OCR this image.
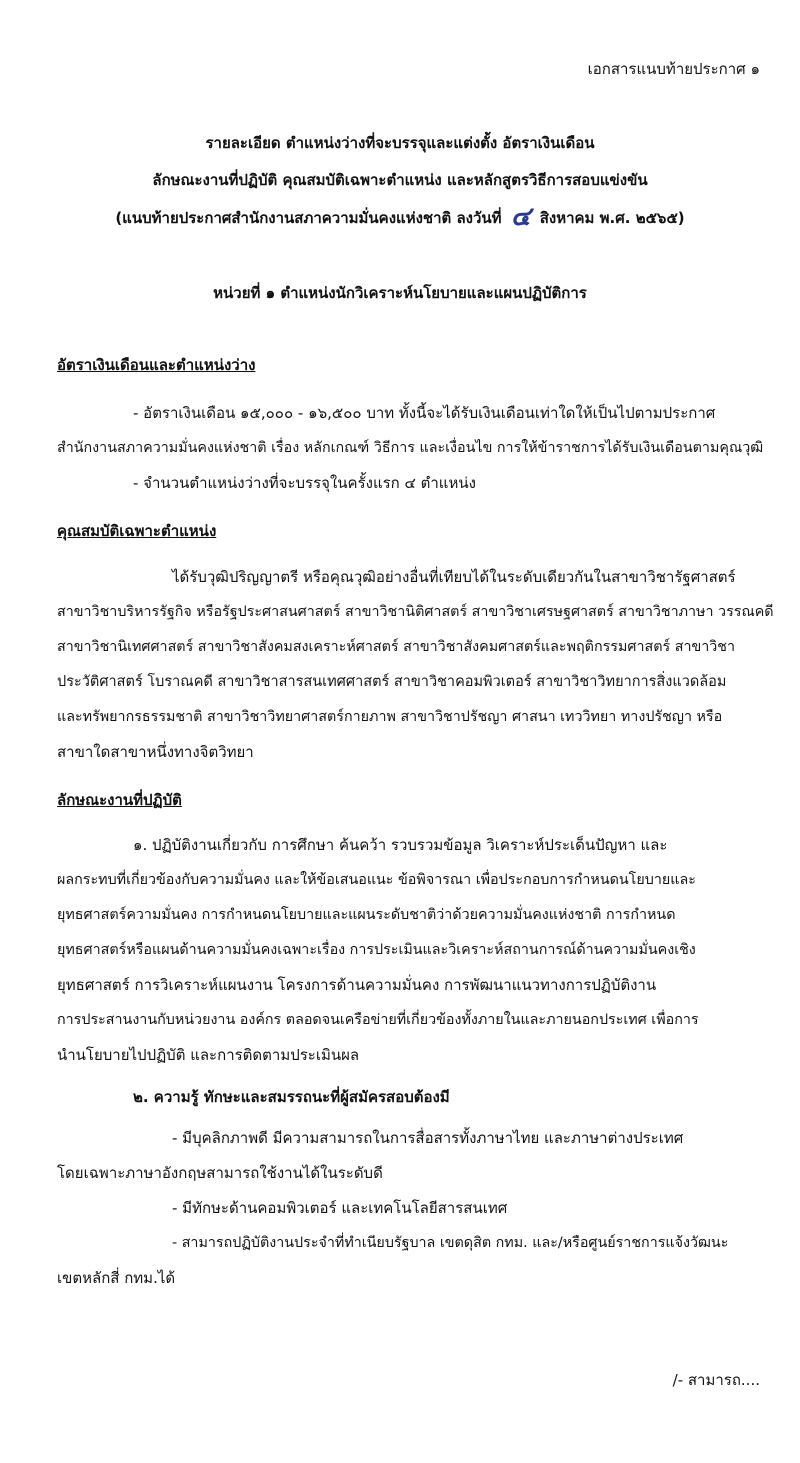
เอกสารแนบท้ายประกาศ ๑
รายละเอียด ตำแหน่งว่างที่จะบรรจุและแต่งตั้ง อัตราเงินเดือน
ลักษณะงานที่ปฏิบัติ คุณสมบัติเฉพาะตำแหน่ง และหลักสูตรวิธีการสอบแข่งขัน
(แนบท้ายประกาศสำนักงานสภาความมั่นคงแห่งชาติ ลงวันที่ ๔ สิงหาคม พ.ศ. ๒๕๖๕)
หน่วยที่ ๑ ตำแหน่งนักวิเคราะห์นโยบายและแผนปฏิบัติการ
อัตราเงินเดือนและตำแหน่งว่าง
- อัตราเงินเดือน ๑๕,๐๐๐ - ๑๖,๕๐๐ บาท ทั้งนี้จะได้รับเงินเดือนเท่าใดให้เป็นไปตามประกาศ
สำนักงานสภาความมั่นคงแห่งชาติ เรื่อง หลักเกณฑ์ วิธีการ และเงื่อนไข การให้ข้าราชการได้รับเงินเดือนตามคุณวุฒิ
- จำนวนตำแหน่งว่างที่จะบรรจุในครั้งแรก ๔ ตำแหน่ง
คุณสมบัติเฉพาะตำแหน่ง
ได้รับวุฒิปริญญาตรี หรือคุณวุฒิอย่างอื่นที่เทียบได้ในระดับเดียวกันในสาขาวิชารัฐศาสตร์
สาขาวิชาบริหารรัฐกิจ หรือรัฐประศาสนศาสตร์ สาขาวิชานิติศาสตร์ สาขาวิชาเศรษฐศาสตร์ สาขาวิชาภาษา วรรณคดี
สาขาวิชานิเทศศาสตร์ สาขาวิชาสังคมสงเคราะห์ศาสตร์ สาขาวิชาสังคมศาสตร์และพฤติกรรมศาสตร์ สาขาวิชา
ประวัติศาสตร์ โบราณคดี สาขาวิชาสารสนเทศศาสตร์ สาขาวิชาคอมพิวเตอร์ สาขาวิชาวิทยาการสิ่งแวดล้อม
และทรัพยากรธรรมชาติ สาขาวิชาวิทยาศาสตร์กายภาพ สาขาวิชาปรัชญา ศาสนา เทววิทยา ทางปรัชญา หรือ
สาขาใดสาขาหนึ่งทางจิตวิทยา
ลักษณะงานที่ปฏิบัติ
๑. ปฏิบัติงานเกี่ยวกับ การศึกษา ค้นคว้า รวบรวมข้อมูล วิเคราะห์ประเด็นปัญหา และ
ผลกระทบที่เกี่ยวข้องกับความมั่นคง และให้ข้อเสนอแนะ ข้อพิจารณา เพื่อประกอบการกำหนดนโยบายและ
ยุทธศาสตร์ความมั่นคง การกำหนดนโยบายและแผนระดับชาติว่าด้วยความมั่นคงแห่งชาติ การกำหนด
ยุทธศาสตร์หรือแผนด้านความมั่นคงเฉพาะเรื่อง การประเมินและวิเคราะห์สถานการณ์ด้านความมั่นคงเชิง
ยุทธศาสตร์ การวิเคราะห์แผนงาน โครงการด้านความมั่นคง การพัฒนาแนวทางการปฏิบัติงาน
การประสานงานกับหน่วยงาน องค์กร ตลอดจนเครือข่ายที่เกี่ยวข้องทั้งภายในและภายนอกประเทศ เพื่อการ
นำนโยบายไปปฏิบัติ และการติดตามประเมินผล
๒. ความรู้ ทักษะและสมรรถนะที่ผู้สมัครสอบต้องมี
- มีบุคลิกภาพดี มีความสามารถในการสื่อสารทั้งภาษาไทย และภาษาต่างประเทศ
โดยเฉพาะภาษาอังกฤษสามารถใช้งานได้ในระดับดี
- มีทักษะด้านคอมพิวเตอร์ และเทคโนโลยีสารสนเทศ
- สามารถปฏิบัติงานประจำที่ทำเนียบรัฐบาล เขตดุสิต กทม. และ/หรือศูนย์ราชการแจ้งวัฒนะ
เขตหลักสี่ กทม.ได้
/- สามารถ....
